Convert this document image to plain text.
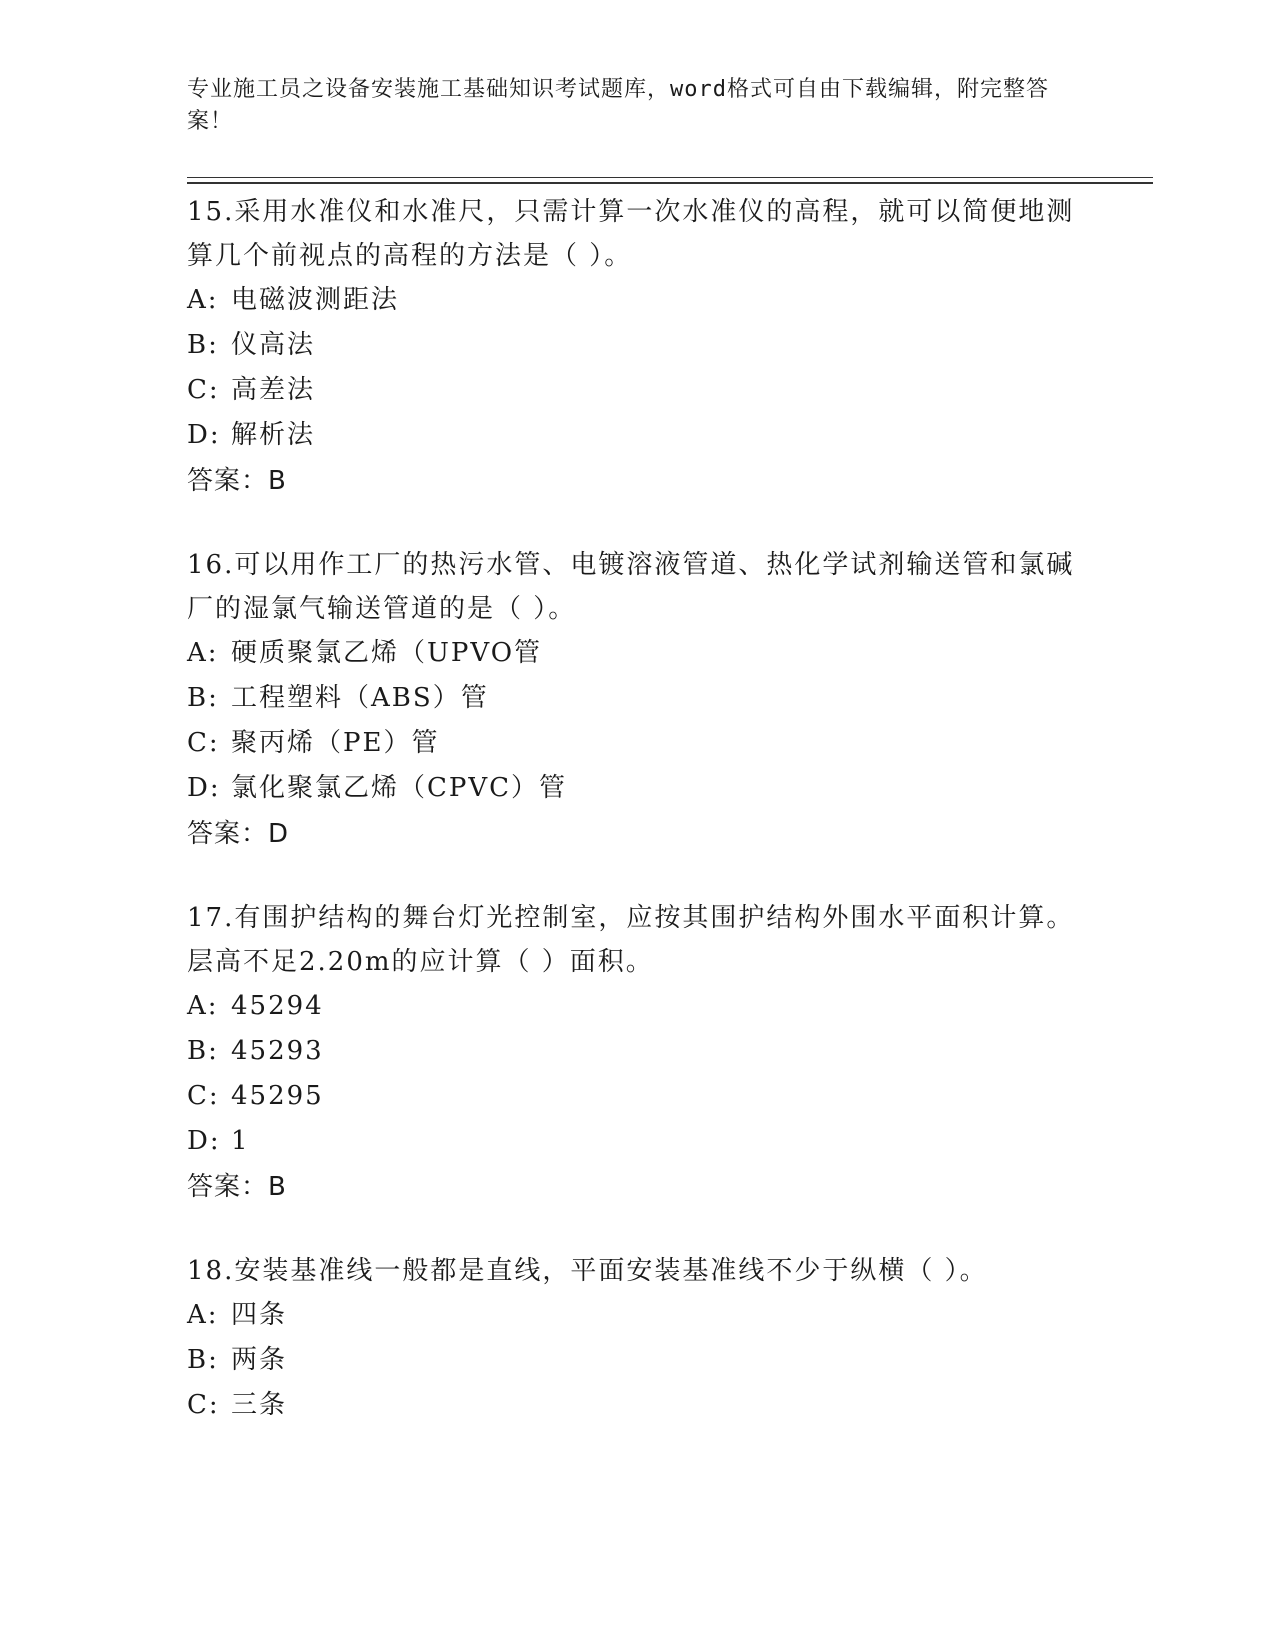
专业施工员之设备安装施工基础知识考试题库，word格式可自由下载编辑，附完整答案！

15.采用水准仪和水准尺，只需计算一次水准仪的高程，就可以简便地测算几个前视点的高程的方法是（ ）。

A: 电磁波测距法
B: 仪高法
C: 高差法
D: 解析法
答案：B

16.可以用作工厂的热污水管、电镀溶液管道、热化学试剂输送管和氯碱厂的湿氯气输送管道的是（ ）。

A: 硬质聚氯乙烯（UPVO管
B: 工程塑料（ABS）管
C: 聚丙烯（PE）管
D: 氯化聚氯乙烯（CPVC）管
答案：D

17.有围护结构的舞台灯光控制室，应按其围护结构外围水平面积计算。层高不足2.20m的应计算（ ）面积。

A: 45294
B: 45293
C: 45295
D: 1
答案：B

18.安装基准线一般都是直线，平面安装基准线不少于纵横（ ）。

A: 四条
B: 两条
C: 三条
